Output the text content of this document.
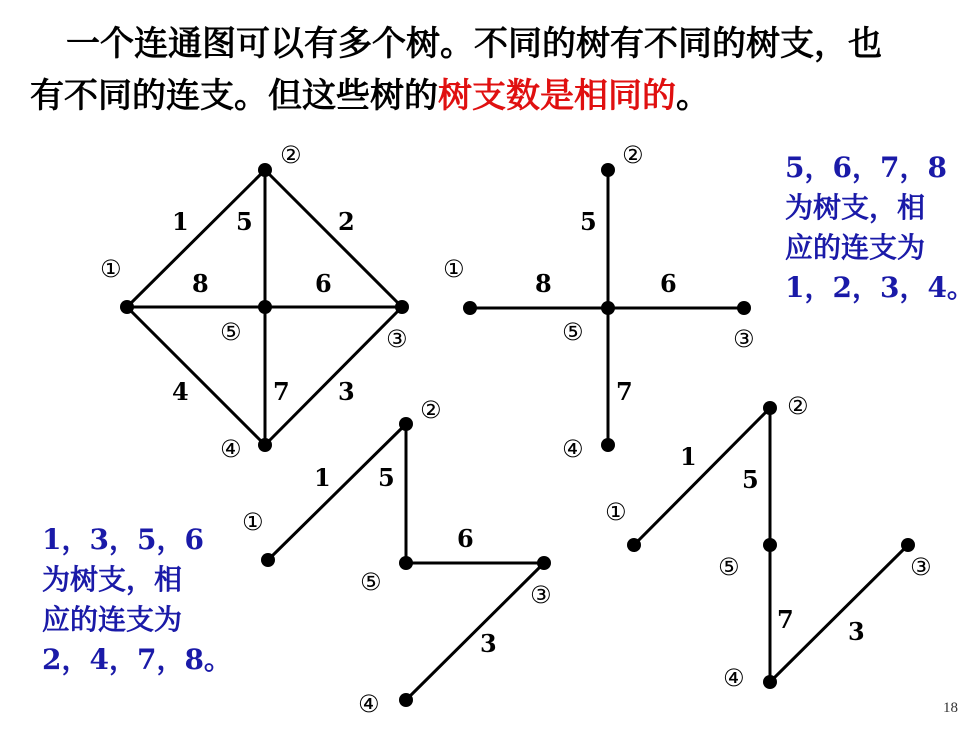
一个连通图可以有多个树。不同的树有不同的树支，也
有不同的连支。但这些树的树支数是相同的。
5，6，7，8
为树支，相
应的连支为
1，2，3，4。
1，3，5，6
为树支，相
应的连支为
2，4，7，8。
1 5	2
8	6
4	7 3
②
①
⑤	③
④
5
8	6
7
②
①
⑤	③
④
1 5
6
3
②
①
⑤	③
④
1
5
7 3
②
①
⑤	③
④
18
